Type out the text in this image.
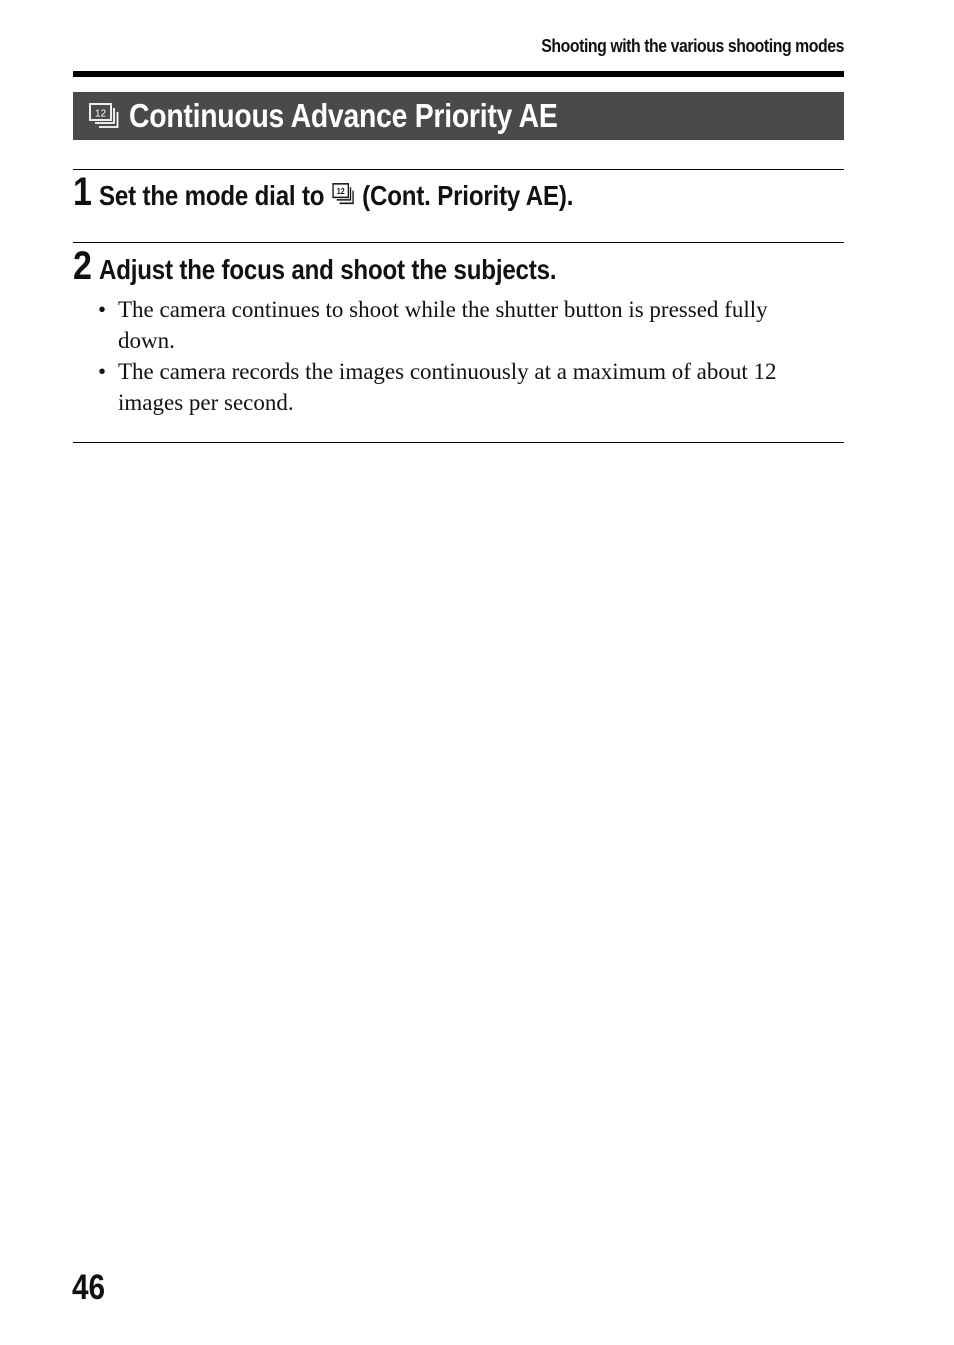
Shooting with the various shooting modes
12 Continuous Advance Priority AE
1 Set the mode dial to 12 (Cont. Priority AE).
2 Adjust the focus and shoot the subjects.
• The camera continues to shoot while the shutter button is pressed fully down.
• The camera records the images continuously at a maximum of about 12 images per second.
46
